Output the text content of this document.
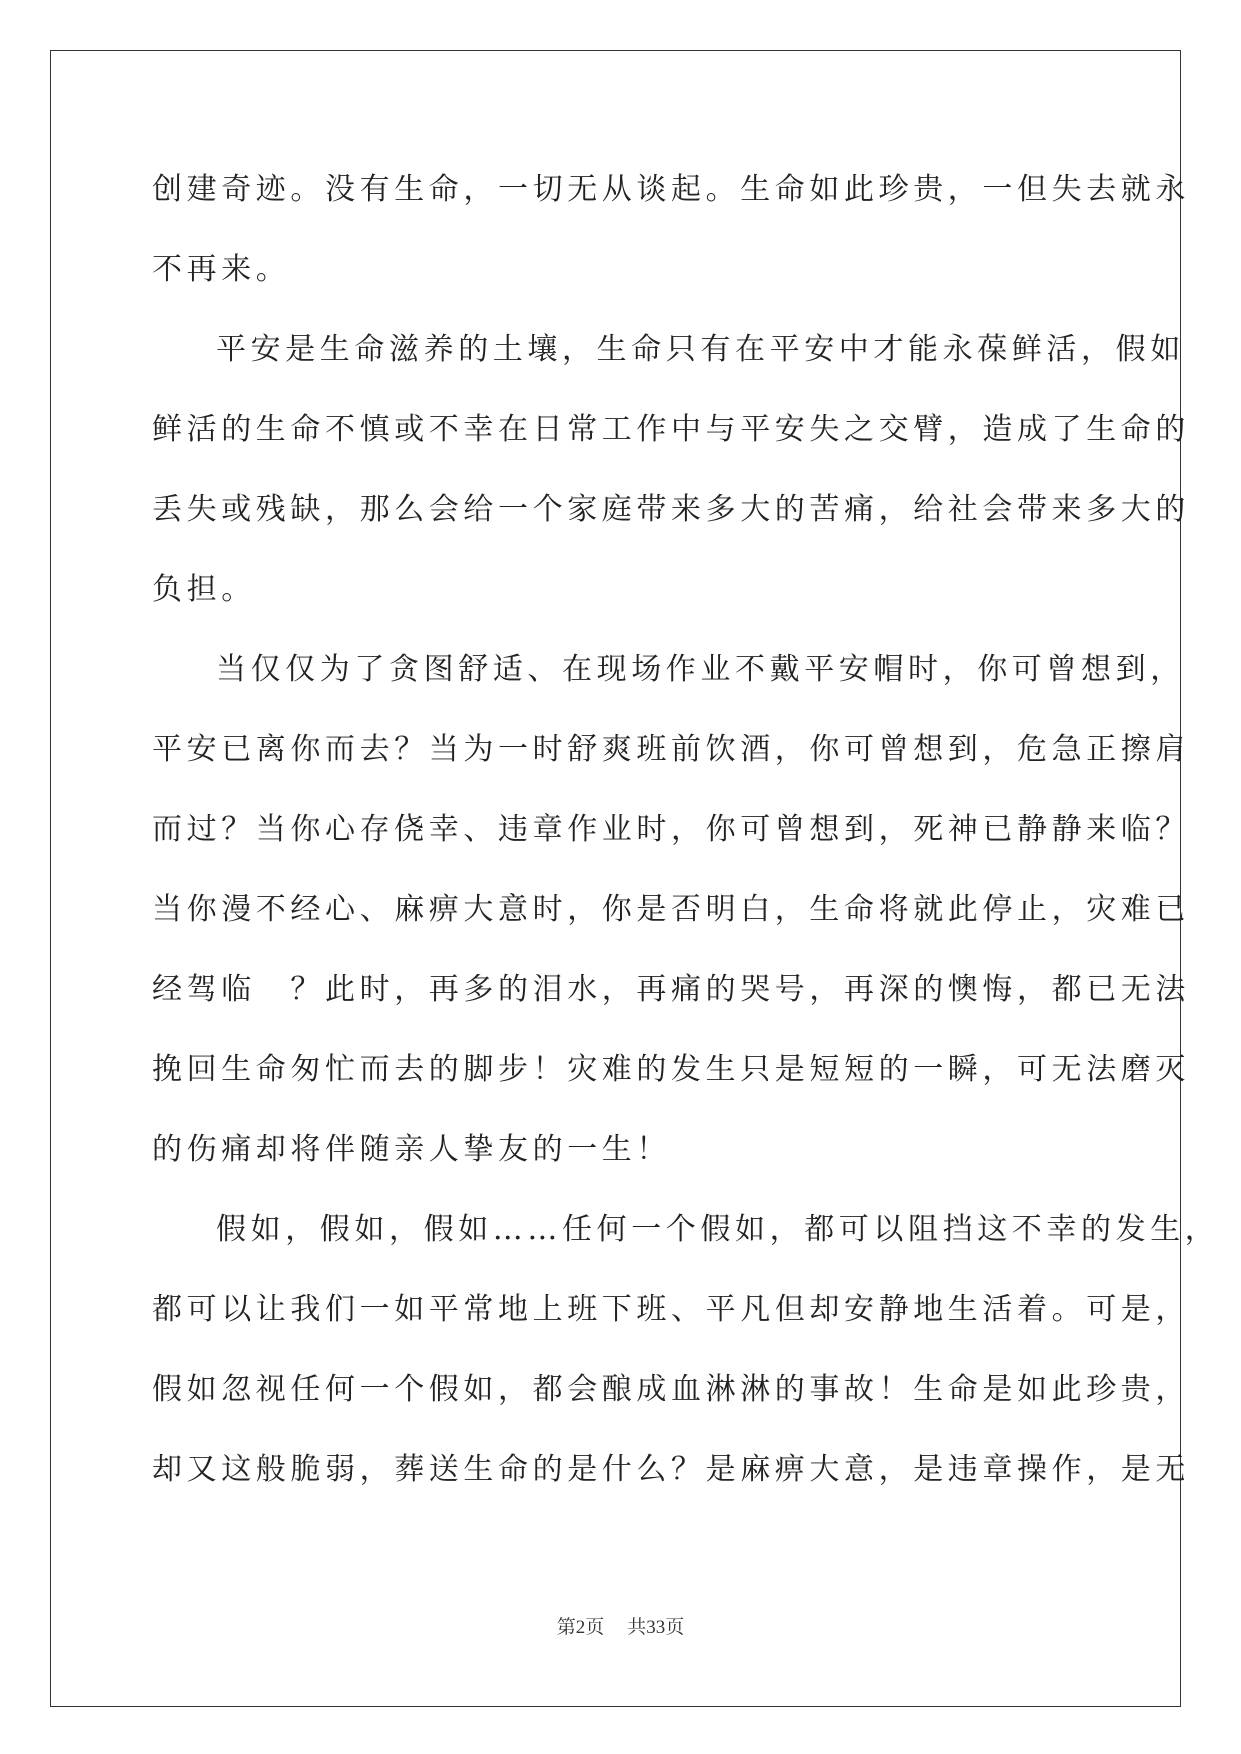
创建奇迹。没有生命，一切无从谈起。生命如此珍贵，一但失去就永
不再来。
平安是生命滋养的土壤，生命只有在平安中才能永葆鲜活，假如
鲜活的生命不慎或不幸在日常工作中与平安失之交臂，造成了生命的
丢失或残缺，那么会给一个家庭带来多大的苦痛，给社会带来多大的
负担。
当仅仅为了贪图舒适、在现场作业不戴平安帽时，你可曾想到，
平安已离你而去？当为一时舒爽班前饮酒，你可曾想到，危急正擦肩
而过？当你心存侥幸、违章作业时，你可曾想到，死神已静静来临？
当你漫不经心、麻痹大意时，你是否明白，生命将就此停止，灾难已
经驾临　？此时，再多的泪水，再痛的哭号，再深的懊悔，都已无法
挽回生命匆忙而去的脚步！灾难的发生只是短短的一瞬，可无法磨灭
的伤痛却将伴随亲人挚友的一生！
假如，假如，假如……任何一个假如，都可以阻挡这不幸的发生，
都可以让我们一如平常地上班下班、平凡但却安静地生活着。可是，
假如忽视任何一个假如，都会酿成血淋淋的事故！生命是如此珍贵，
却又这般脆弱，葬送生命的是什么？是麻痹大意，是违章操作，是无
第2页 共33页
